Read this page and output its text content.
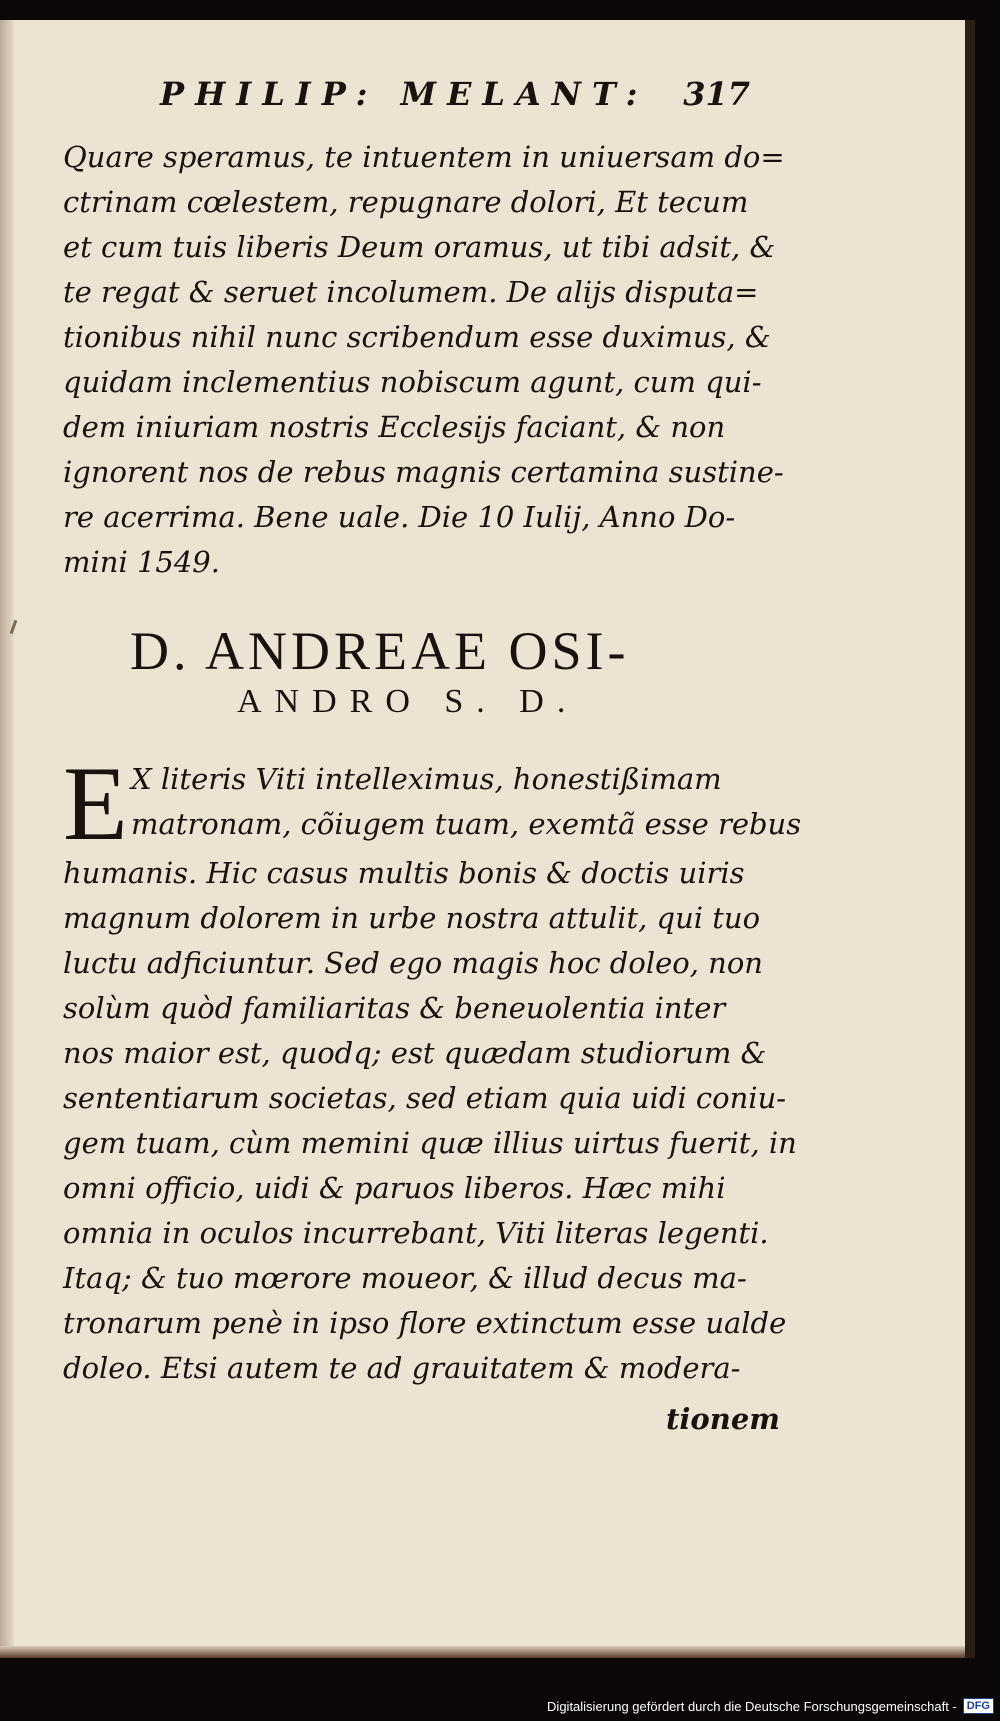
PHILIP: MELANT: 317
Quare speramus, te intuentem in uniuersam do=
ctrinam cœlestem, repugnare dolori, Et tecum
et cum tuis liberis Deum oramus, ut tibi adsit, &
te regat & seruet incolumem. De alijs disputa=
tionibus nihil nunc scribendum esse duximus, &
quidam inclementius nobiscum agunt, cum qui-
dem iniuriam nostris Ecclesijs faciant, & non
ignorent nos de rebus magnis certamina sustine-
re acerrima. Bene uale. Die 10 Iulij, Anno Do-
mini 1549.
D. ANDREAE OSI-
ANDRO S. D.
E X literis Viti intelleximus, honestißimam
matronam, cõiugem tuam, exemtã esse rebus
humanis. Hic casus multis bonis & doctis uiris
magnum dolorem in urbe nostra attulit, qui tuo
luctu adficiuntur. Sed ego magis hoc doleo, non
solùm quòd familiaritas & beneuolentia inter
nos maior est, quodq; est quædam studiorum &
sententiarum societas, sed etiam quia uidi coniu-
gem tuam, cùm memini quæ illius uirtus fuerit, in
omni officio, uidi & paruos liberos. Hæc mihi
omnia in oculos incurrebant, Viti literas legenti.
Itaq; & tuo mœrore moueor, & illud decus ma-
tronarum penè in ipso flore extinctum esse ualde
doleo. Etsi autem te ad grauitatem & modera-
tionem
Digitalisierung gefördert durch die Deutsche Forschungsgemeinschaft - DFG
